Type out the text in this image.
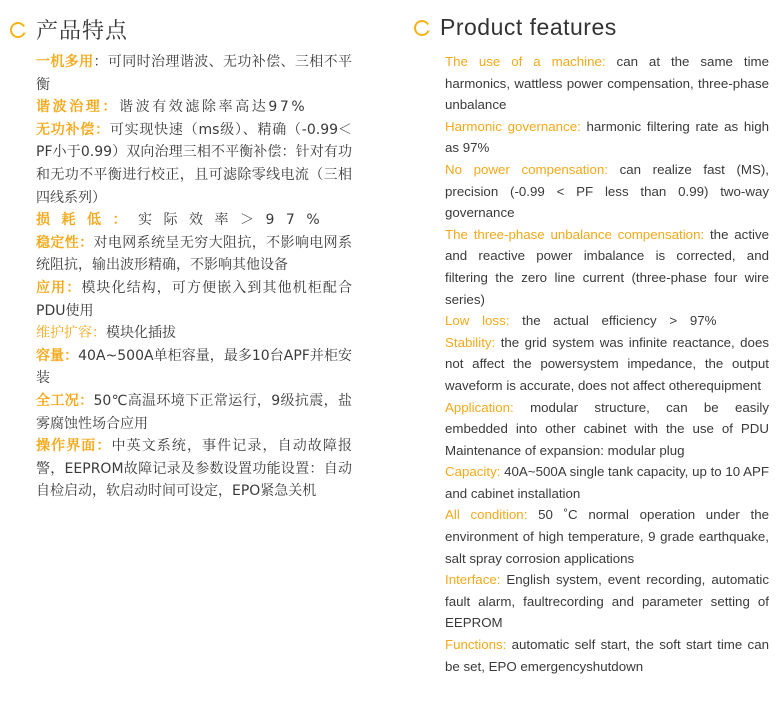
产品特点
一机多用：可同时治理谐波、无功补偿、三相不平衡
谐波治理：谐波有效滤除率高达97%
无功补偿：可实现快速（ms级）、精确（-0.99＜PF小于0.99）双向治理三相不平衡补偿：针对有功和无功不平衡进行校正，且可滤除零线电流（三相四线系列）
损耗低：实际效率＞97%
稳定性：对电网系统呈无穷大阻抗，不影响电网系统阻抗，输出波形精确，不影响其他设备
应用：模块化结构，可方便嵌入到其他机柜配合PDU使用
维护扩容：模块化插拔
容量：40A~500A单柜容量，最多10台APF并柜安装
全工况：50℃高温环境下正常运行，9级抗震，盐雾腐蚀性场合应用
操作界面：中英文系统，事件记录，自动故障报警，EEPROM故障记录及参数设置功能设置：自动自检启动，软启动时间可设定，EPO紧急关机
Product features
The use of a machine: can at the same time harmonics, wattless power compensation, three-phase unbalance
Harmonic governance: harmonic filtering rate as high as 97%
No power compensation: can realize fast (MS), precision (-0.99 < PF less than 0.99) two-way governance
The three-phase unbalance compensation: the active and reactive power imbalance is corrected, and filtering the zero line current (three-phase four wire series)
Low loss: the actual efficiency > 97%
Stability: the grid system was infinite reactance, does not affect the powersystem impedance, the output waveform is accurate, does not affect otherequipment
Application: modular structure, can be easily embedded into other cabinet with the use of PDU Maintenance of expansion: modular plug
Capacity: 40A~500A single tank capacity, up to 10 APF and cabinet installation
All condition: 50 ˚C normal operation under the environment of high temperature, 9 grade earthquake, salt spray corrosion applications
Interface: English system, event recording, automatic fault alarm, faultrecording and parameter setting of EEPROM
Functions: automatic self start, the soft start time can be set, EPO emergencyshutdown
